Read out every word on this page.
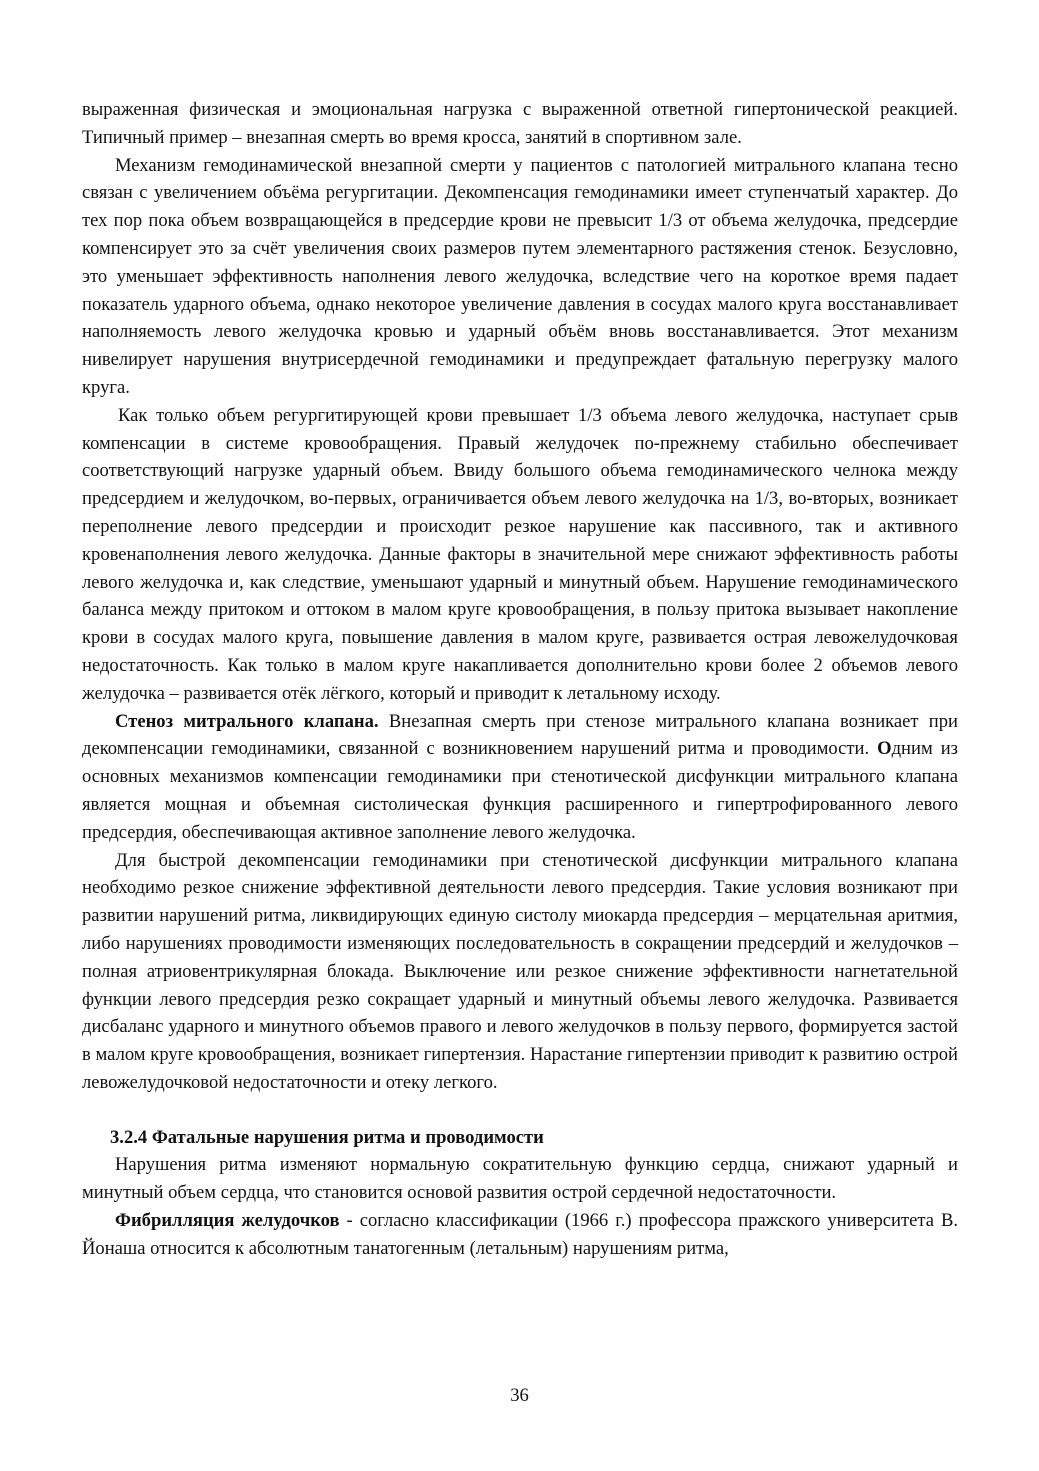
выраженная физическая и эмоциональная нагрузка с выраженной ответной гипертонической реакцией. Типичный пример – внезапная смерть во время кросса, занятий в спортивном зале.

Механизм гемодинамической внезапной смерти у пациентов с патологией митрального клапана тесно связан с увеличением объёма регургитации. Декомпенсация гемодинамики имеет ступенчатый характер. До тех пор пока объем возвращающейся в предсердие крови не превысит 1/3 от объема желудочка, предсердие компенсирует это за счёт увеличения своих размеров путем элементарного растяжения стенок. Безусловно, это уменьшает эффективность наполнения левого желудочка, вследствие чего на короткое время падает показатель ударного объема, однако некоторое увеличение давления в сосудах малого круга восстанавливает наполняемость левого желудочка кровью и ударный объём вновь восстанавливается. Этот механизм нивелирует нарушения внутрисердечной гемодинамики и предупреждает фатальную перегрузку малого круга.

Как только объем регургитирующей крови превышает 1/3 объема левого желудочка, наступает срыв компенсации в системе кровообращения. Правый желудочек по-прежнему стабильно обеспечивает соответствующий нагрузке ударный объем. Ввиду большого объема гемодинамического челнока между предсердием и желудочком, во-первых, ограничивается объем левого желудочка на 1/3, во-вторых, возникает переполнение левого предсердии и происходит резкое нарушение как пассивного, так и активного кровенаполнения левого желудочка. Данные факторы в значительной мере снижают эффективность работы левого желудочка и, как следствие, уменьшают ударный и минутный объем. Нарушение гемодинамического баланса между притоком и оттоком в малом круге кровообращения, в пользу притока вызывает накопление крови в сосудах малого круга, повышение давления в малом круге, развивается острая левожелудочковая недостаточность. Как только в малом круге накапливается дополнительно крови более 2 объемов левого желудочка – развивается отёк лёгкого, который и приводит к летальному исходу.

Стеноз митрального клапана. Внезапная смерть при стенозе митрального клапана возникает при декомпенсации гемодинамики, связанной с возникновением нарушений ритма и проводимости. Одним из основных механизмов компенсации гемодинамики при стенотической дисфункции митрального клапана является мощная и объемная систолическая функция расширенного и гипертрофированного левого предсердия, обеспечивающая активное заполнение левого желудочка.

Для быстрой декомпенсации гемодинамики при стенотической дисфункции митрального клапана необходимо резкое снижение эффективной деятельности левого предсердия. Такие условия возникают при развитии нарушений ритма, ликвидирующих единую систолу миокарда предсердия – мерцательная аритмия, либо нарушениях проводимости изменяющих последовательность в сокращении предсердий и желудочков – полная атриовентрикулярная блокада. Выключение или резкое снижение эффективности нагнетательной функции левого предсердия резко сокращает ударный и минутный объемы левого желудочка. Развивается дисбаланс ударного и минутного объемов правого и левого желудочков в пользу первого, формируется застой в малом круге кровообращения, возникает гипертензия. Нарастание гипертензии приводит к развитию острой левожелудочковой недостаточности и отеку легкого.

3.2.4 Фатальные нарушения ритма и проводимости

Нарушения ритма изменяют нормальную сократительную функцию сердца, снижают ударный и минутный объем сердца, что становится основой развития острой сердечной недостаточности.

Фибрилляция желудочков - согласно классификации (1966 г.) профессора пражского университета В. Йонаша относится к абсолютным танатогенным (летальным) нарушениям ритма,

36
